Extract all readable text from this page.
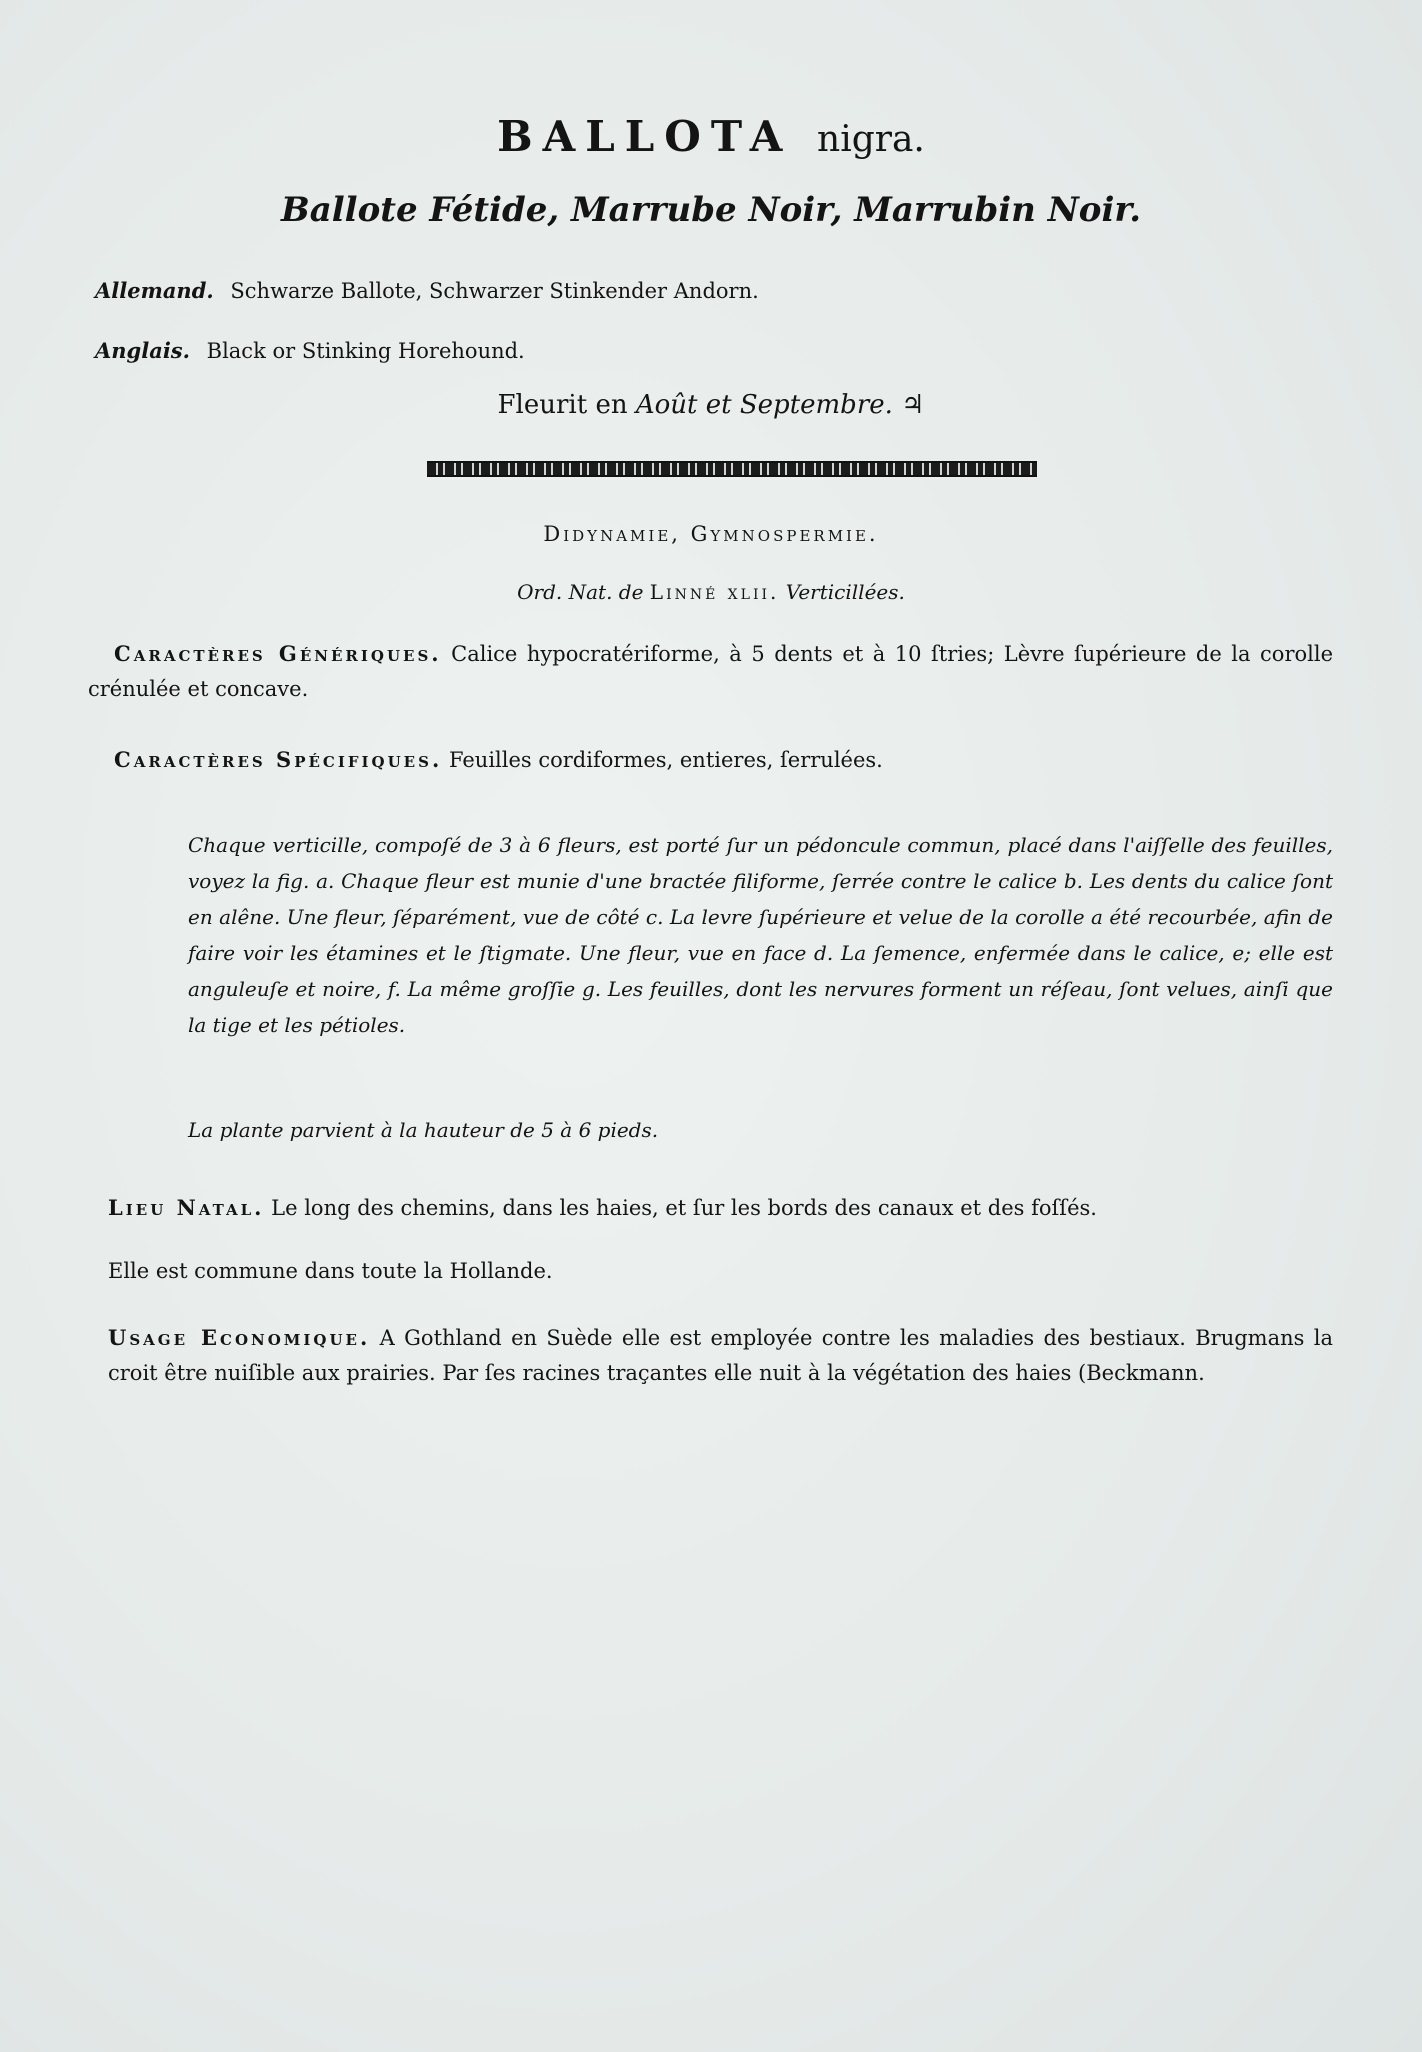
BALLOTA nigra.
Ballote Fétide, Marrube Noir, Marrubin Noir.
Allemand. Schwarze Ballote, Schwarzer Stinkender Andorn.
Anglais. Black or Stinking Horehound.
Fleurit en Août et Septembre. ♃
Didynamie, Gymnospermie.
Ord. Nat. de Linné xlii. Verticillées.

Caractères Génériques. Calice hypocratériforme, à 5 dents et à 10 ſtries; Lèvre ſupérieure de la corolle crénulée et concave.

Caractères Spécifiques. Feuilles cordiformes, entieres, ſerrulées.

Chaque verticille, compoſé de 3 à 6 fleurs, est porté ſur un pédoncule commun, placé dans l'aiſſelle des feuilles, voyez la fig. a. Chaque fleur est munie d'une bractée filiforme, ſerrée contre le calice b. Les dents du calice ſont en alêne. Une fleur, ſéparément, vue de côté c. La levre ſupérieure et velue de la corolle a été recourbée, afin de faire voir les étamines et le ſtigmate. Une fleur, vue en face d. La ſemence, enfermée dans le calice, e; elle est anguleuſe et noire, f. La même groſſie g. Les feuilles, dont les nervures forment un réſeau, ſont velues, ainſi que la tige et les pétioles.

La plante parvient à la hauteur de 5 à 6 pieds.

Lieu Natal. Le long des chemins, dans les haies, et ſur les bords des canaux et des foſſés.

Elle est commune dans toute la Hollande.

Usage Economique. A Gothland en Suède elle est employée contre les maladies des bestiaux. Brugmans la croit être nuiſible aux prairies. Par ſes racines traçantes elle nuit à la végétation des haies (Beckmann.
